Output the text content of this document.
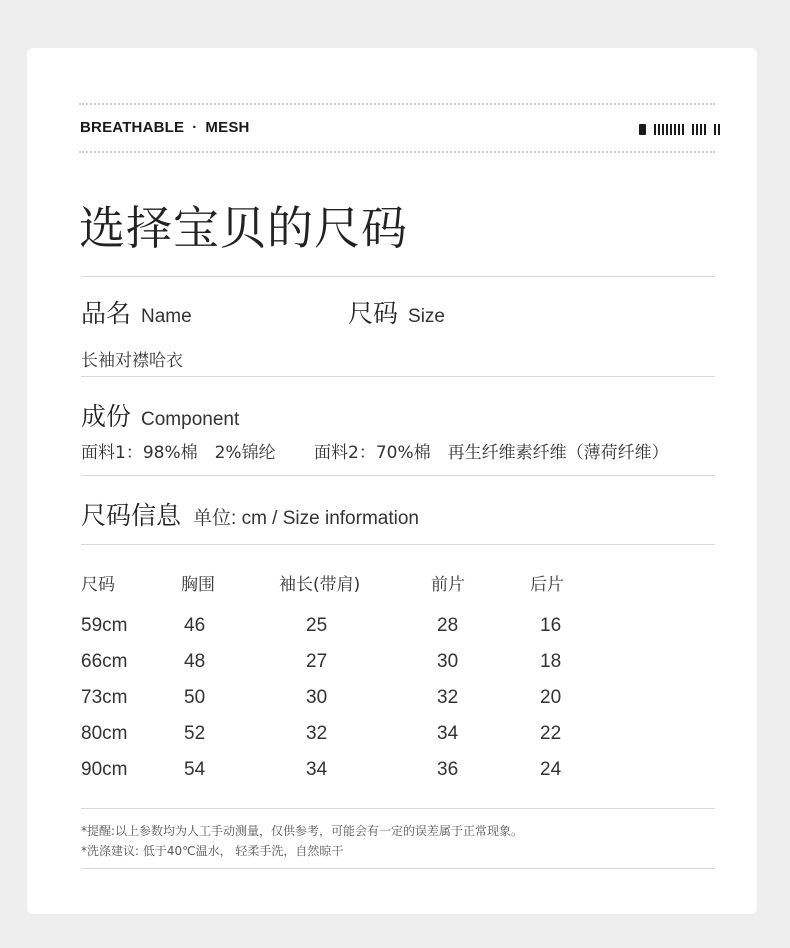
BREATHABLE · MESH
选择宝贝的尺码
品名 Name	尺码 Size
长袖对襟哈衣
成份 Component
面料1：98%棉　2%锦纶 面料2：70%棉　再生纤维素纤维（薄荷纤维）
尺码信息 单位: cm / Size information
尺码	胸围	袖长(带肩)	前片	后片
59cm	46	25	28	16
66cm	48	27	30	18
73cm	50	30	32	20
80cm	52	32	34	22
90cm	54	34	36	24
*提醒:以上参数均为人工手动测量，仅供参考，可能会有一定的误差属于正常现象。
*洗涤建议: 低于40℃温水， 轻柔手洗，自然晾干
